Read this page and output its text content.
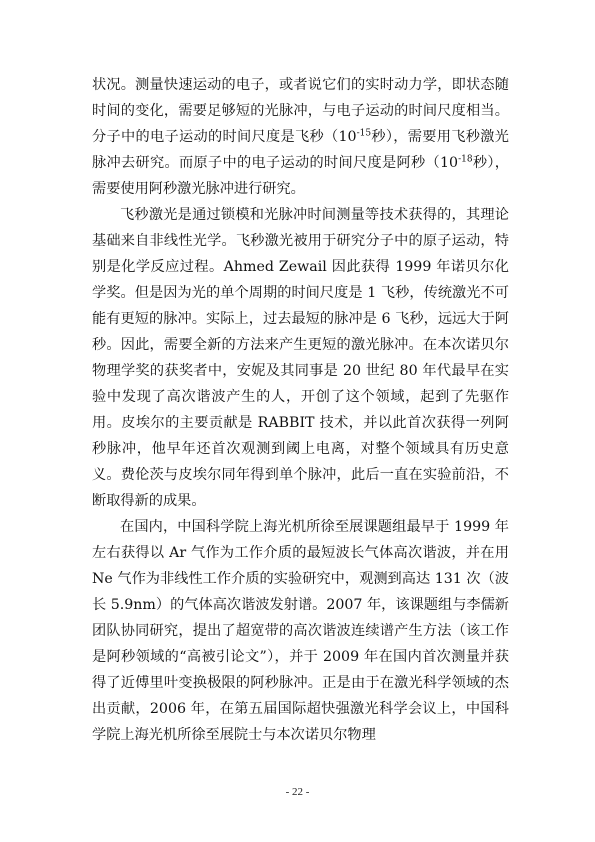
状况。测量快速运动的电子，或者说它们的实时动力学，即状态随时间的变化，需要足够短的光脉冲，与电子运动的时间尺度相当。分子中的电子运动的时间尺度是飞秒（$10^{-15}$秒），需要用飞秒激光脉冲去研究。而原子中的电子运动的时间尺度是阿秒（$10^{-18}$秒），需要使用阿秒激光脉冲进行研究。

飞秒激光是通过锁模和光脉冲时间测量等技术获得的，其理论基础来自非线性光学。飞秒激光被用于研究分子中的原子运动，特别是化学反应过程。Ahmed Zewail 因此获得 1999 年诺贝尔化学奖。但是因为光的单个周期的时间尺度是 1 飞秒，传统激光不可能有更短的脉冲。实际上，过去最短的脉冲是 6 飞秒，远远大于阿秒。因此，需要全新的方法来产生更短的激光脉冲。在本次诺贝尔物理学奖的获奖者中，安妮及其同事是 20 世纪 80 年代最早在实验中发现了高次谐波产生的人，开创了这个领域，起到了先驱作用。皮埃尔的主要贡献是 RABBIT 技术，并以此首次获得一列阿秒脉冲，他早年还首次观测到阈上电离，对整个领域具有历史意义。费伦茨与皮埃尔同年得到单个脉冲，此后一直在实验前沿，不断取得新的成果。

在国内，中国科学院上海光机所徐至展课题组最早于 1999 年左右获得以 Ar 气作为工作介质的最短波长气体高次谐波，并在用 Ne 气作为非线性工作介质的实验研究中，观测到高达 131 次（波长 5.9nm）的气体高次谐波发射谱。2007 年，该课题组与李儒新团队协同研究，提出了超宽带的高次谐波连续谱产生方法（该工作是阿秒领域的“高被引论文”），并于 2009 年在国内首次测量并获得了近傅里叶变换极限的阿秒脉冲。正是由于在激光科学领域的杰出贡献，2006 年，在第五届国际超快强激光科学会议上，中国科学院上海光机所徐至展院士与本次诺贝尔物理

- 22 -
